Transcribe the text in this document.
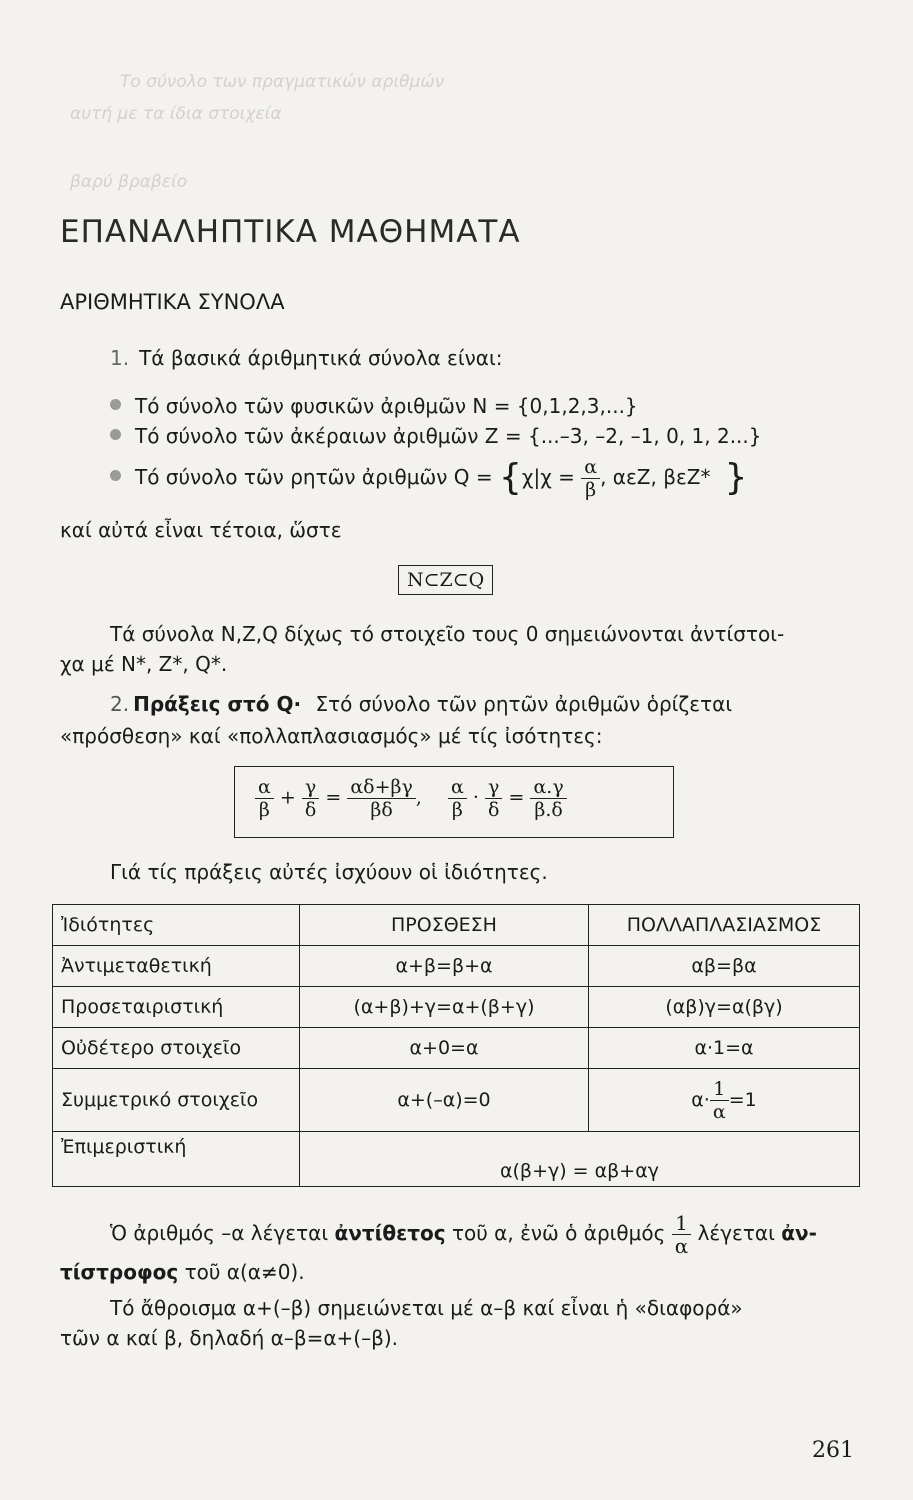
Το σύνολο των πραγματικών αριθμών
αυτή με τα ίδια στοιχεία
βαρύ βραβείο
ΕΠΑΝΑΛΗΠΤΙΚΑ ΜΑΘΗΜΑΤΑ
ΑΡΙΘΜΗΤΙΚΑ ΣΥΝΟΛΑ
1. Τά βασικά άριθμητικά σύνολα είναι:
Τό σύνολο τῶν φυσικῶν ἀριθμῶν N = {0,1,2,3,...}
Τό σύνολο τῶν ἀκέραιων ἀριθμῶν Z = {...–3, –2, –1, 0, 1, 2...}
Τό σύνολο τῶν ρητῶν ἀριθμῶν $Q = \{\chi|\chi = \frac{\alpha}{\beta}$ , αεZ, βεZ* }
καί αὐτά εἶναι τέτοια, ὥστε
N⊂Z⊂Q
Τά σύνολα N,Z,Q δίχως τό στοιχεῖο τους 0 σημειώνονται ἀντίστοι-
χα μέ N*, Z*, Q*.
2. Πράξεις στό Q· Στό σύνολο τῶν ρητῶν ἀριθμῶν ὁρίζεται
«πρόσθεση» καί «πολλαπλασιασμός» μέ τίς ἰσότητες:
$\frac{\alpha}{\beta} + \frac{\gamma}{\delta} = \frac{\alpha\delta+\beta\gamma}{\beta\delta}$ , $\frac{\alpha}{\beta} \cdot \frac{\gamma}{\delta} = \frac{\alpha.\gamma}{\beta.\delta}$
Γιά τίς πράξεις αὐτές ἰσχύουν οἱ ἰδιότητες.
Ἰδιότητες	ΠΡΟΣΘΕΣΗ	ΠΟΛΛΑΠΛΑΣΙΑΣΜΟΣ
Ἀντιμεταθετική	α+β=β+α	αβ=βα
Προσεταιριστική	(α+β)+γ=α+(β+γ)	(αβ)γ=α(βγ)
Οὐδέτερο στοιχεῖο	α+0=α	α·1=α
Συμμετρικό στοιχεῖο	α+(–α)=0	$\alpha\cdot \frac{1}{\alpha} =1$
Ἐπιμεριστική	α(β+γ) = αβ+αγ	
Ὁ ἀριθμός –α λέγεται ἀντίθετος τοῦ α, ἐνῶ ὁ ἀριθμός $\frac{1}{\alpha}$ λέγεται ἀν-
τίστροφος τοῦ α(α≠0).
Τό ἄθροισμα α+(–β) σημειώνεται μέ α–β καί εἶναι ἡ «διαφορά»
τῶν α καί β, δηλαδή α–β=α+(–β).
261
